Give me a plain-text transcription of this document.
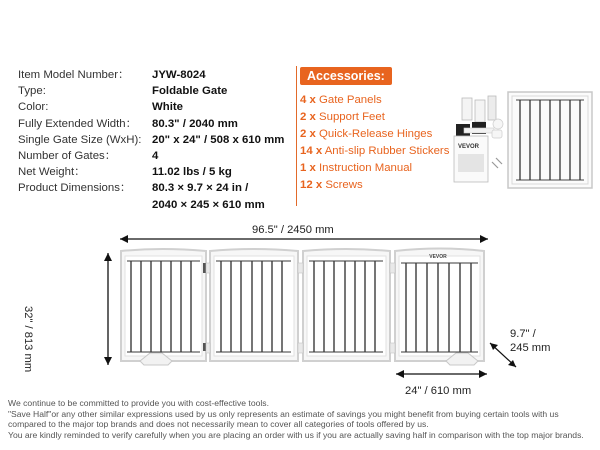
Item Model Number：	JYW-8024
Type:	Foldable Gate
Color:	White
Fully Extended Width：	80.3" / 2040 mm
Single Gate Size (WxH): 20" x 24" / 508 x 610 mm
Number of Gates：	4
Net Weight：	11.02 lbs / 5 kg
Product Dimensions：	80.3 × 9.7 × 24 in /
2040 × 245 × 610 mm
Accessories:
4 x Gate Panels
2 x Support Feet
2 x Quick-Release Hinges
14 x Anti-slip Rubber Stickers
1 x Instruction Manual
12 x Screws
VEVOR
VEVOR
96.5" / 2450 mm
32" / 813 mm	9.7" /
245 mm
24" / 610 mm

We continue to be committed to provide you with cost-effective tools.

"Save Half"or any other similar expressions used by us only represents an estimate of savings you might benefit from buying certain tools with us

compared to the major top brands and does not necessarily mean to cover all categories of tools offered by us.

You are kindly reminded to verify carefully when you are placing an order with us if you are actually saving half in comparison with the top major brands.
